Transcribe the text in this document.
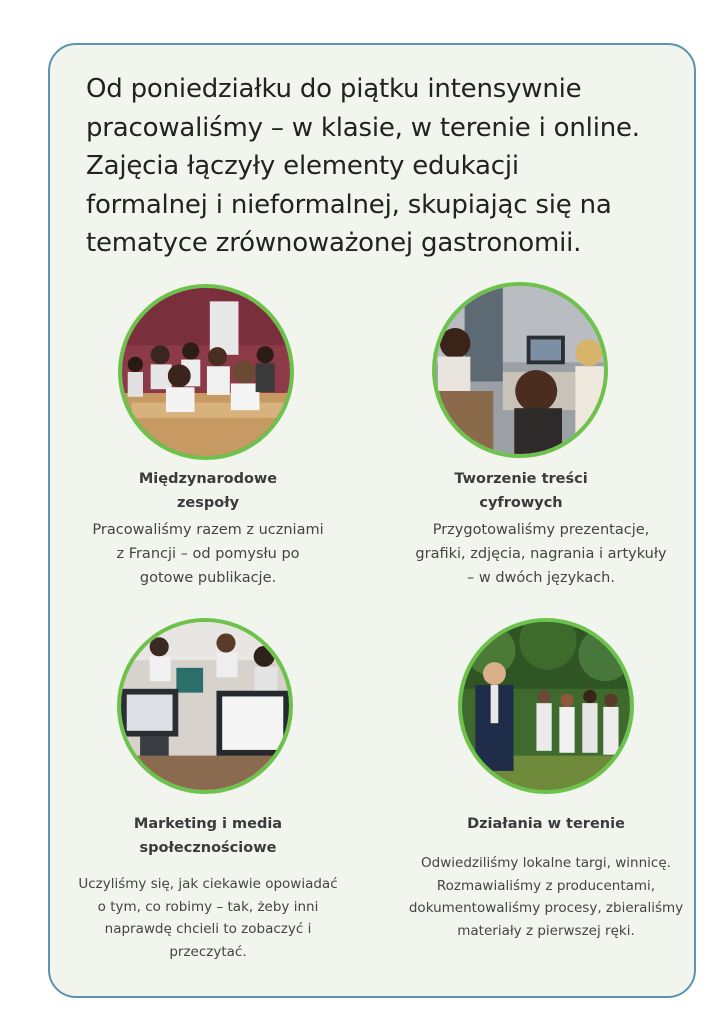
Od poniedziałku do piątku intensywnie
pracowaliśmy – w klasie, w terenie i online.
Zajęcia łączyły elementy edukacji
formalnej i nieformalnej, skupiając się na
tematyce zrównoważonej gastronomii.
Międzynarodowe
zespoły
Pracowaliśmy razem z uczniami
z Francji – od pomysłu po
gotowe publikacje.
Tworzenie treści
cyfrowych
Przygotowaliśmy prezentacje,
grafiki, zdjęcia, nagrania i artykuły
– w dwóch językach.
Marketing i media
społecznościowe
Uczyliśmy się, jak ciekawie opowiadać
o tym, co robimy – tak, żeby inni
naprawdę chcieli to zobaczyć i
przeczytać.
Działania w terenie
Odwiedziliśmy lokalne targi, winnicę.
Rozmawialiśmy z producentami,
dokumentowaliśmy procesy, zbieraliśmy
materiały z pierwszej ręki.
